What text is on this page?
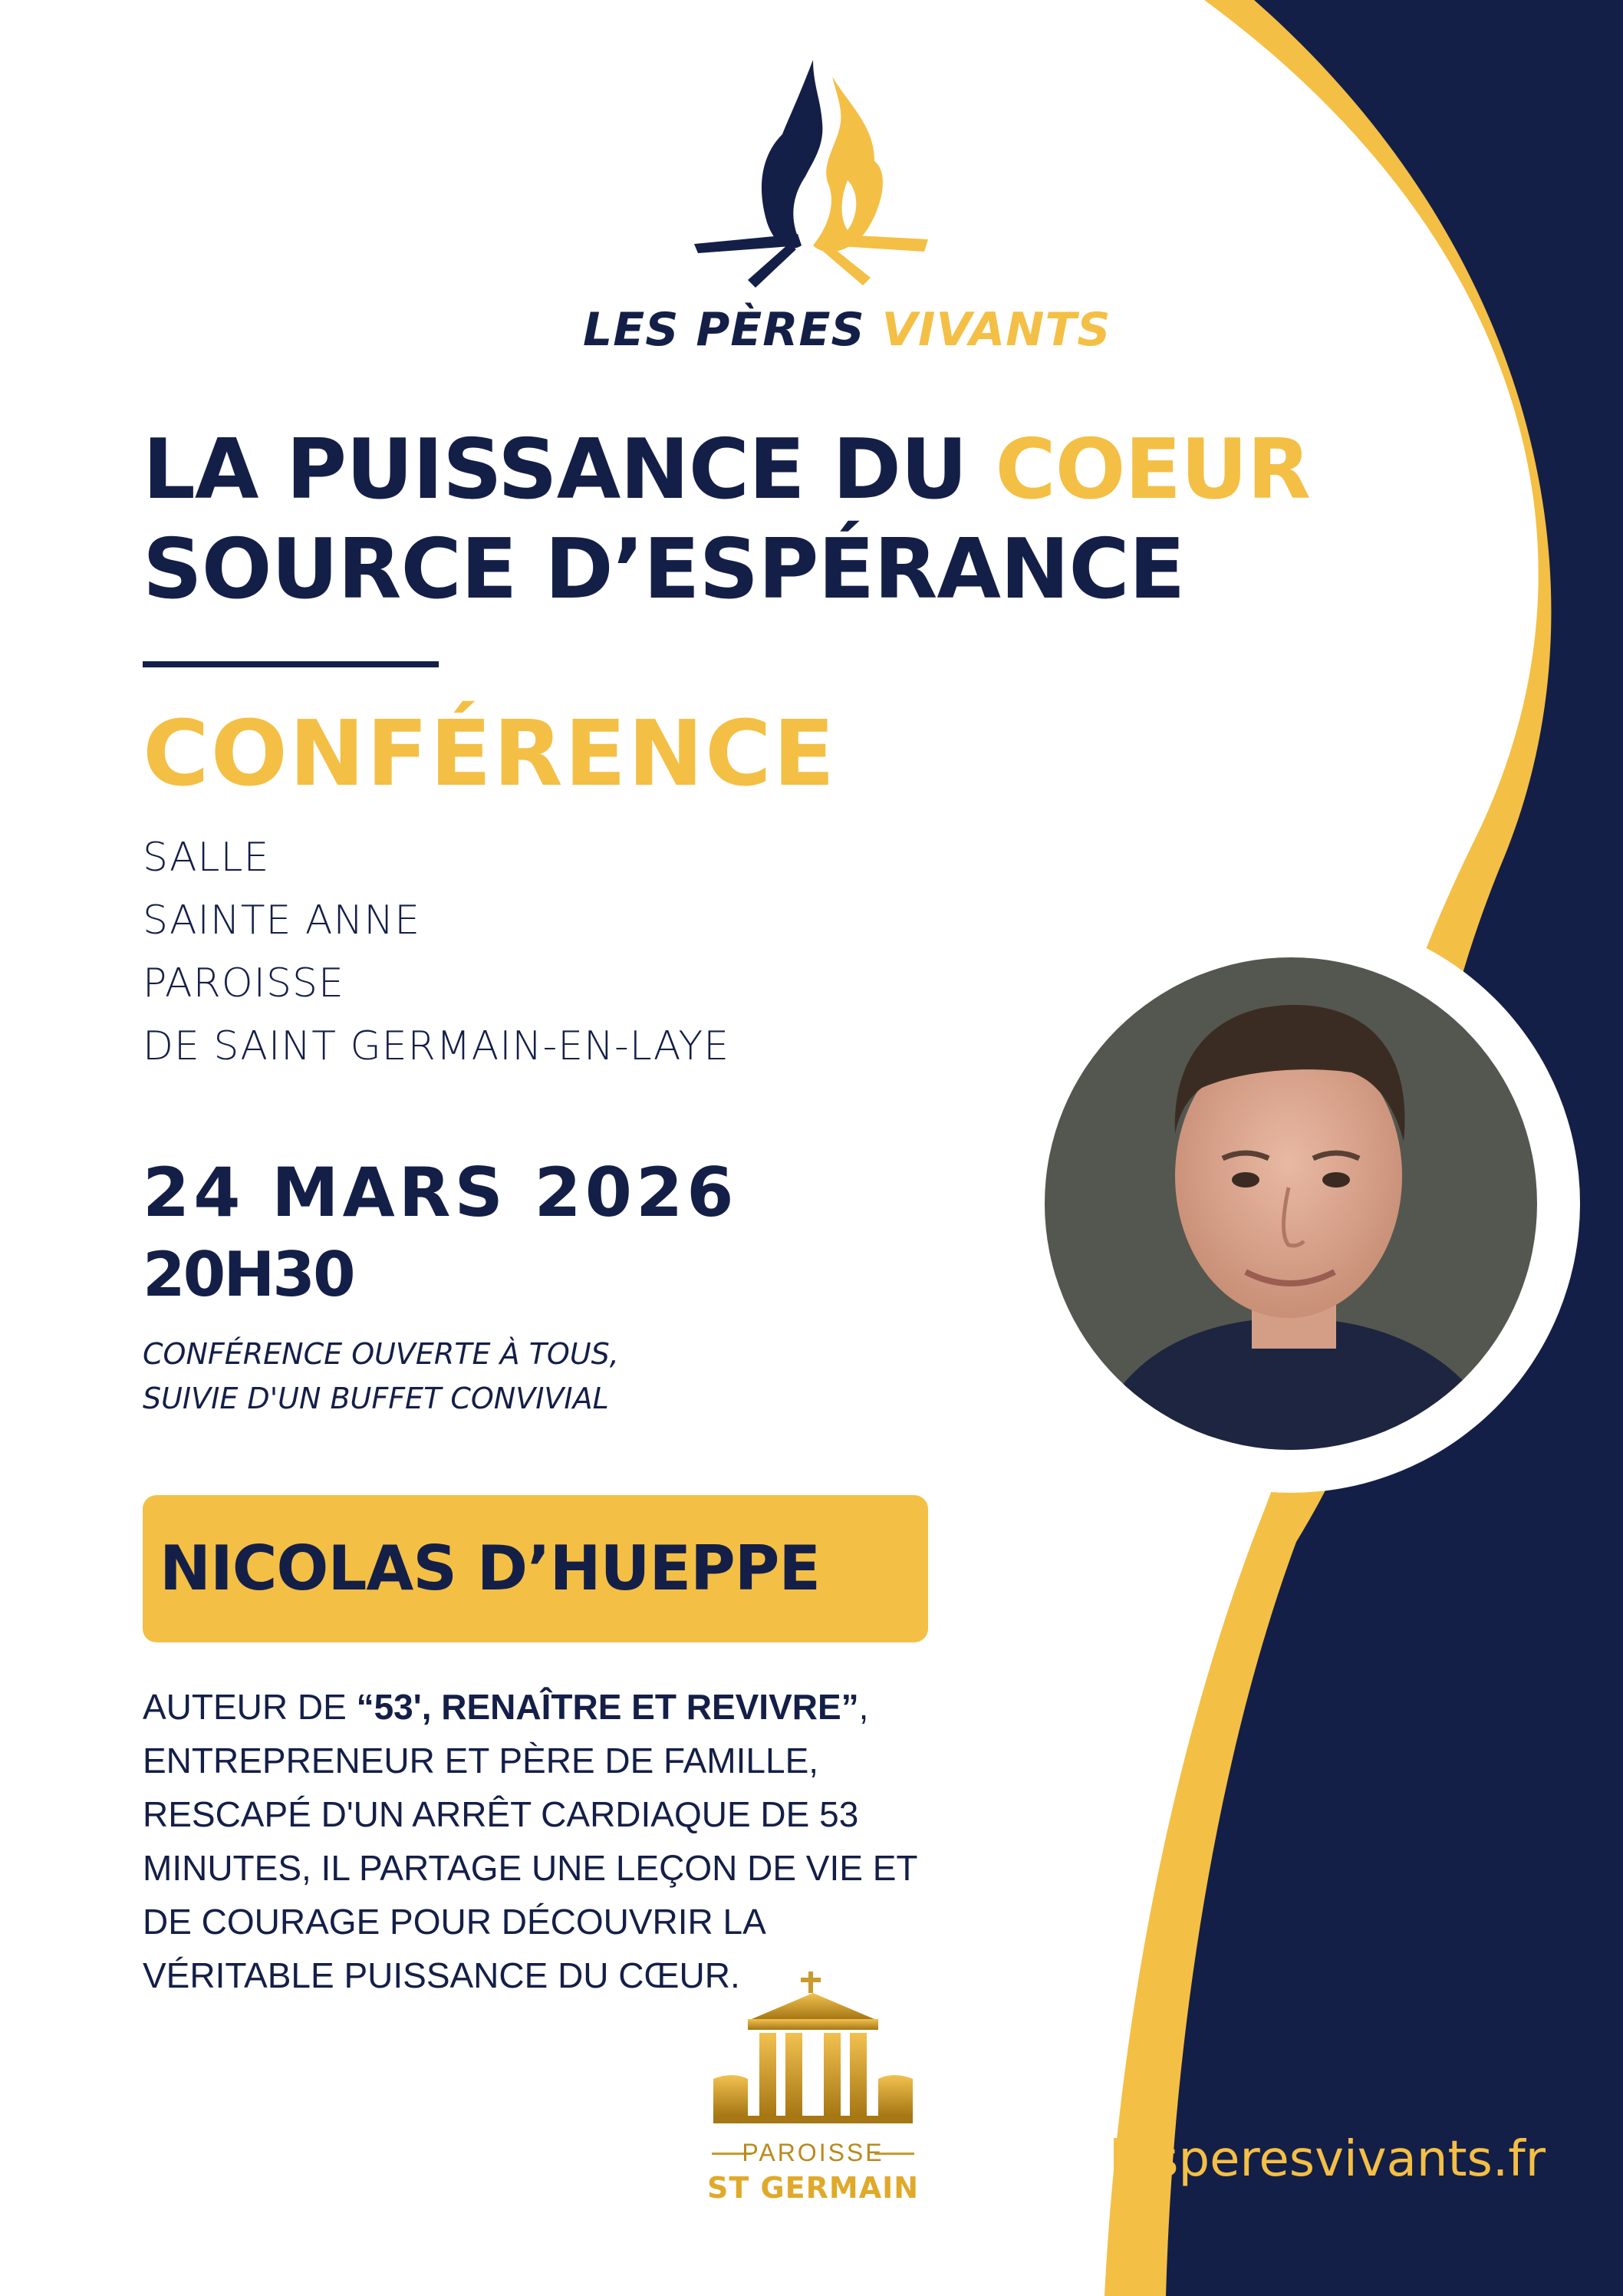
LES PÈRES VIVANTS
LA PUISSANCE DU COEUR
SOURCE D’ESPÉRANCE
CONFÉRENCE
SALLE
SAINTE ANNE
PAROISSE
DE SAINT GERMAIN-EN-LAYE
24 MARS 2026
20H30
CONFÉRENCE OUVERTE À TOUS,
SUIVIE D'UN BUFFET CONVIVIAL
NICOLAS D’HUEPPE
AUTEUR DE “53', RENAÎTRE ET REVIVRE”,
ENTREPRENEUR ET PÈRE DE FAMILLE,
RESCAPÉ D'UN ARRÊT CARDIAQUE DE 53
MINUTES, IL PARTAGE UNE LEÇON DE VIE ET
DE COURAGE POUR DÉCOUVRIR LA
VÉRITABLE PUISSANCE DU CŒUR.
PAROISSE
ST GERMAIN	lesperesvivants.fr
